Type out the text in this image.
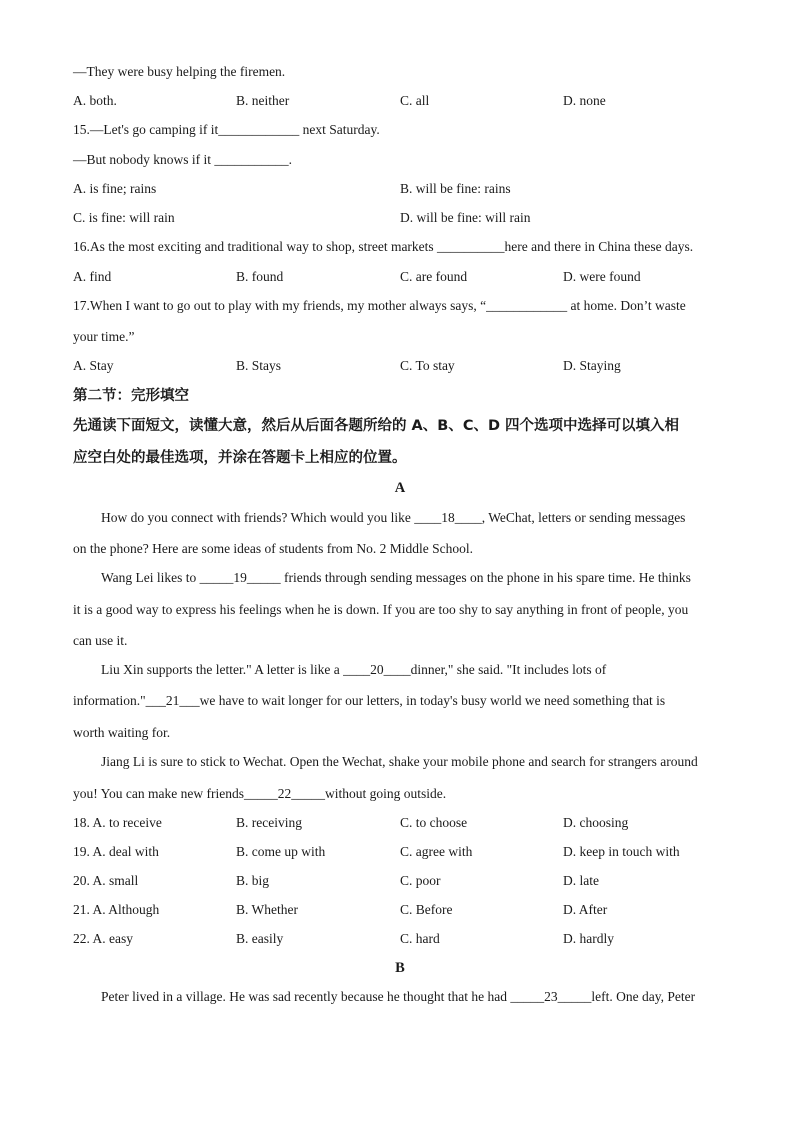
—They were busy helping the firemen.
A. both.	B. neither	C. all	D. none
15.—Let's go camping if it____________ next Saturday.
—But nobody knows if it ___________.
A. is fine; rains	B. will be fine: rains
C. is fine: will rain	D. will be fine: will rain
16.As the most exciting and traditional way to shop, street markets __________here and there in China these days.
A. find	B. found	C. are found	D. were found
17.When I want to go out to play with my friends, my mother always says, “____________ at home. Don’t waste
your time.”
A. Stay	B. Stays	C. To stay	D. Staying
第二节：完形填空
先通读下面短文，读懂大意，然后从后面各题所给的 A、B、C、D 四个选项中选择可以填入相
应空白处的最佳选项，并涂在答题卡上相应的位置。
A
How do you connect with friends? Which would you like ____18____, WeChat, letters or sending messages
on the phone? Here are some ideas of students from No. 2 Middle School.
Wang Lei likes to _____19_____ friends through sending messages on the phone in his spare time. He thinks
it is a good way to express his feelings when he is down. If you are too shy to say anything in front of people, you
can use it.
Liu Xin supports the letter." A letter is like a ____20____dinner," she said. "It includes lots of
information."___21___we have to wait longer for our letters, in today's busy world we need something that is
worth waiting for.
Jiang Li is sure to stick to Wechat. Open the Wechat, shake your mobile phone and search for strangers around
you! You can make new friends_____22_____without going outside.
18. A. to receive	B. receiving	C. to choose	D. choosing
19. A. deal with	B. come up with	C. agree with	D. keep in touch with
20. A. small	B. big	C. poor	D. late
21. A. Although	B. Whether	C. Before	D. After
22. A. easy	B. easily	C. hard	D. hardly
B
Peter lived in a village. He was sad recently because he thought that he had _____23_____left. One day, Peter
